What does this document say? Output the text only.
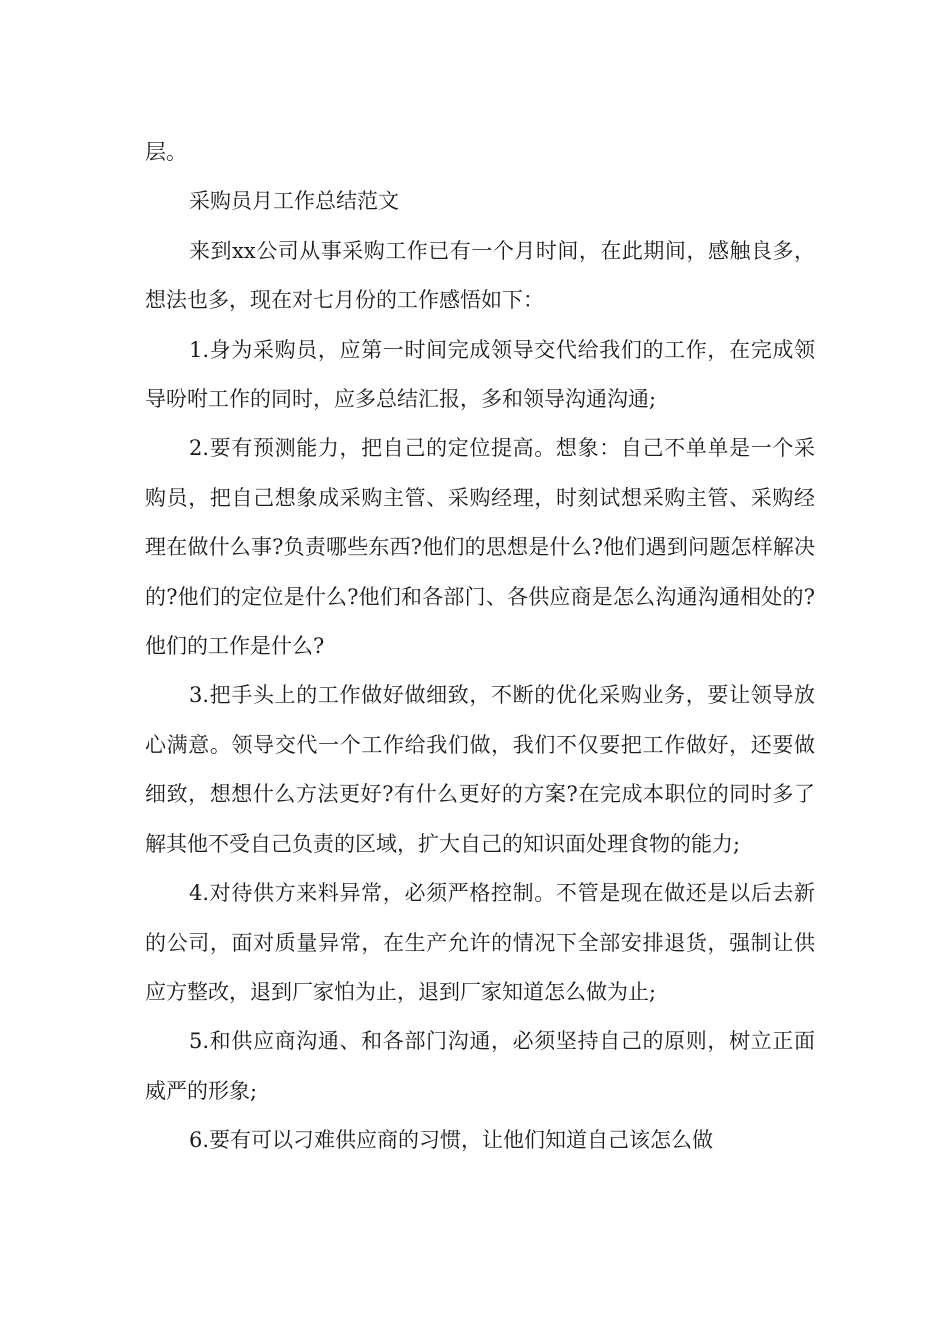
层。

采购员月工作总结范文

来到xx公司从事采购工作已有一个月时间，在此期间，感触良多，想法也多，现在对七月份的工作感悟如下：

1.身为采购员，应第一时间完成领导交代给我们的工作，在完成领导吩咐工作的同时，应多总结汇报，多和领导沟通沟通;

2.要有预测能力，把自己的定位提高。想象：自己不单单是一个采购员，把自己想象成采购主管、采购经理，时刻试想采购主管、采购经理在做什么事?负责哪些东西?他们的思想是什么?他们遇到问题怎样解决的?他们的定位是什么?他们和各部门、各供应商是怎么沟通沟通相处的?他们的工作是什么?

3.把手头上的工作做好做细致，不断的优化采购业务，要让领导放心满意。领导交代一个工作给我们做，我们不仅要把工作做好，还要做细致，想想什么方法更好?有什么更好的方案?在完成本职位的同时多了解其他不受自己负责的区域，扩大自己的知识面处理食物的能力;

4.对待供方来料异常，必须严格控制。不管是现在做还是以后去新的公司，面对质量异常，在生产允许的情况下全部安排退货，强制让供应方整改，退到厂家怕为止，退到厂家知道怎么做为止;

5.和供应商沟通、和各部门沟通，必须坚持自己的原则，树立正面威严的形象;

6.要有可以刁难供应商的习惯，让他们知道自己该怎么做
